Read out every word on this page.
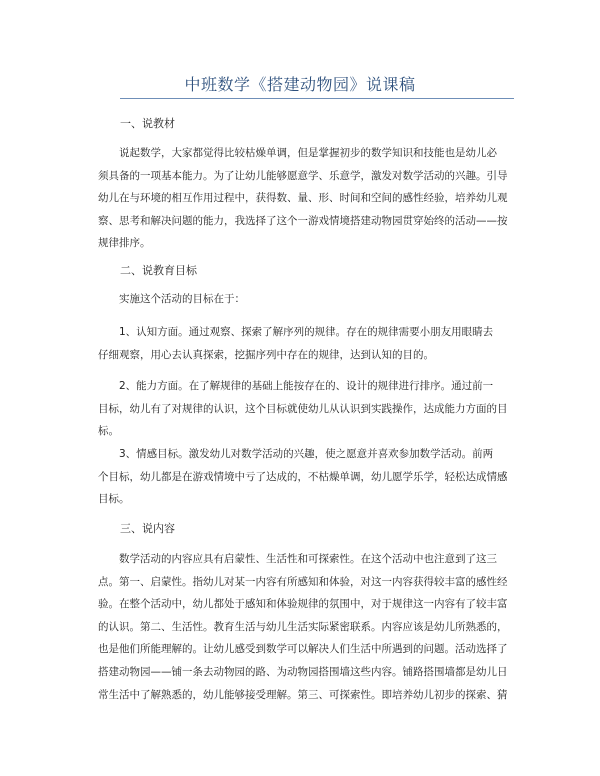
中班数学《搭建动物园》说课稿
一、说教材
说起数学，大家都觉得比较枯燥单调，但是掌握初步的数学知识和技能也是幼儿必
须具备的一项基本能力。为了让幼儿能够愿意学、乐意学，激发对数学活动的兴趣。引导
幼儿在与环境的相互作用过程中，获得数、量、形、时间和空间的感性经验，培养幼儿观
察、思考和解决问题的能力，我选择了这个一游戏情境搭建动物园贯穿始终的活动——按
规律排序。
二、说教育目标
实施这个活动的目标在于：
1、认知方面。通过观察、探索了解序列的规律。存在的规律需要小朋友用眼睛去
仔细观察，用心去认真探索，挖掘序列中存在的规律，达到认知的目的。
2、能力方面。在了解规律的基础上能按存在的、设计的规律进行排序。通过前一
目标，幼儿有了对规律的认识，这个目标就使幼儿从认识到实践操作，达成能力方面的目
标。
3、情感目标。激发幼儿对数学活动的兴趣，使之愿意并喜欢参加数学活动。前两
个目标，幼儿都是在游戏情境中亏了达成的，不枯燥单调，幼儿愿学乐学，轻松达成情感
目标。
三、说内容
数学活动的内容应具有启蒙性、生活性和可探索性。在这个活动中也注意到了这三
点。第一、启蒙性。指幼儿对某一内容有所感知和体验，对这一内容获得较丰富的感性经
验。在整个活动中，幼儿都处于感知和体验规律的氛围中，对于规律这一内容有了较丰富
的认识。第二、生活性。教育生活与幼儿生活实际紧密联系。内容应该是幼儿所熟悉的，
也是他们所能理解的。让幼儿感受到数学可以解决人们生活中所遇到的问题。活动选择了
搭建动物园——铺一条去动物园的路、为动物园搭围墙这些内容。铺路搭围墙都是幼儿日
常生活中了解熟悉的，幼儿能够接受理解。第三、可探索性。即培养幼儿初步的探索、猜
